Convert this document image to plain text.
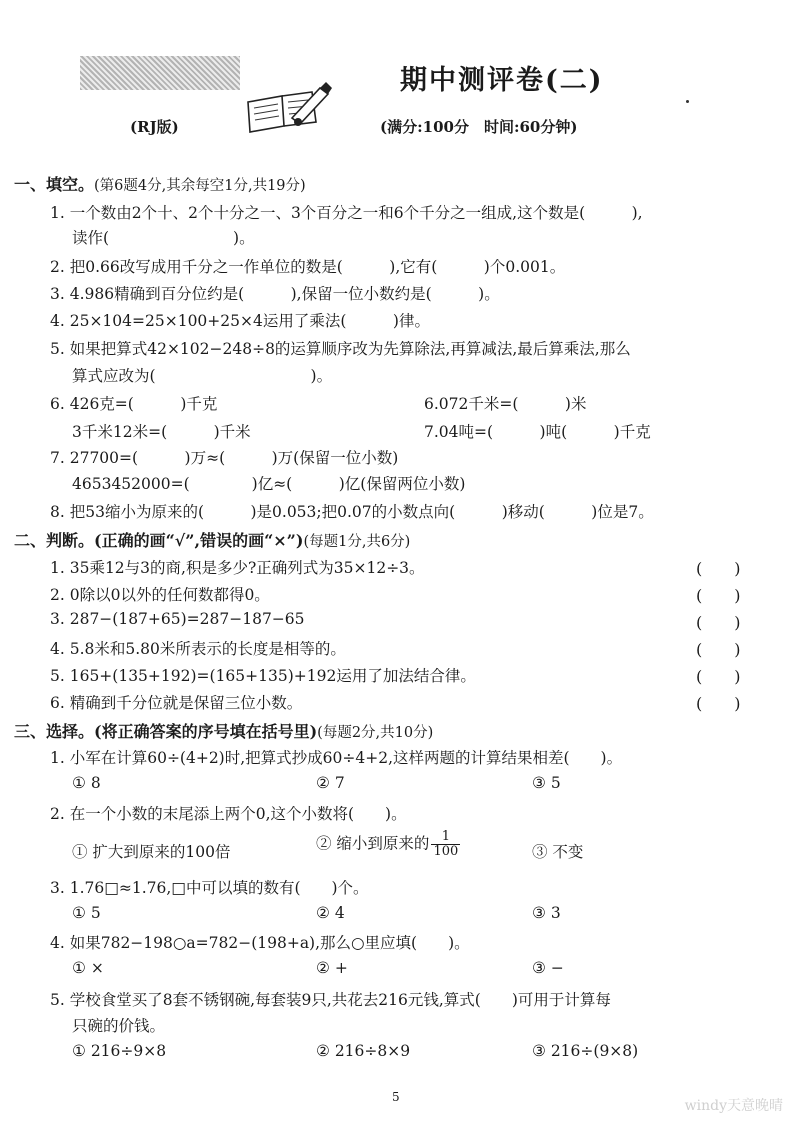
期中测评卷(二)
(RJ版)	(满分:100分　时间:60分钟)
一、填空。(第6题4分,其余每空1分,共19分)
1. 一个数由2个十、2个十分之一、3个百分之一和6个千分之一组成,这个数是(　　　),
读作(　　　　　　　　)。
2. 把0.66改写成用千分之一作单位的数是(　　　),它有(　　　)个0.001。
3. 4.986精确到百分位约是(　　　),保留一位小数约是(　　　)。
4. 25×104=25×100+25×4运用了乘法(　　　)律。
5. 如果把算式42×102−248÷8的运算顺序改为先算除法,再算减法,最后算乘法,那么
算式应改为(　　　　　　　　　　)。
6. 426克=(　　　)千克	6.072千米=(　　　)米
3千米12米=(　　　)千米	7.04吨=(　　　)吨(　　　)千克
7. 27700=(　　　)万≈(　　　)万(保留一位小数)
4653452000=(　　　　)亿≈(　　　)亿(保留两位小数)
8. 把53缩小为原来的(　　　)是0.053;把0.07的小数点向(　　　)移动(　　　)位是7。
二、判断。(正确的画“√”,错误的画“×”)(每题1分,共6分)
1. 35乘12与3的商,积是多少?正确列式为35×12÷3。	(　　)
2. 0除以0以外的任何数都得0。	(　　)
3. 287−(187+65)=287−187−65	(　　)
4. 5.8米和5.80米所表示的长度是相等的。	(　　)
5. 165+(135+192)=(165+135)+192运用了加法结合律。	(　　)
6. 精确到千分位就是保留三位小数。	(　　)
三、选择。(将正确答案的序号填在括号里)(每题2分,共10分)
1. 小军在计算60÷(4+2)时,把算式抄成60÷4+2,这样两题的计算结果相差(　　)。
① 8	② 7	③ 5
2. 在一个小数的末尾添上两个0,这个小数将(　　)。
① 扩大到原来的100倍	② 缩小到原来的 $\frac{1}{100}$	③ 不变
3. 1.76□≈1.76,□中可以填的数有(　　)个。
① 5	② 4	③ 3
4. 如果782−198○a=782−(198+a),那么○里应填(　　)。
① ×	② +	③ −
5. 学校食堂买了8套不锈钢碗,每套装9只,共花去216元钱,算式(　　)可用于计算每
只碗的价钱。
① 216÷9×8	② 216÷8×9	③ 216÷(9×8)
5
windy天意晚晴
